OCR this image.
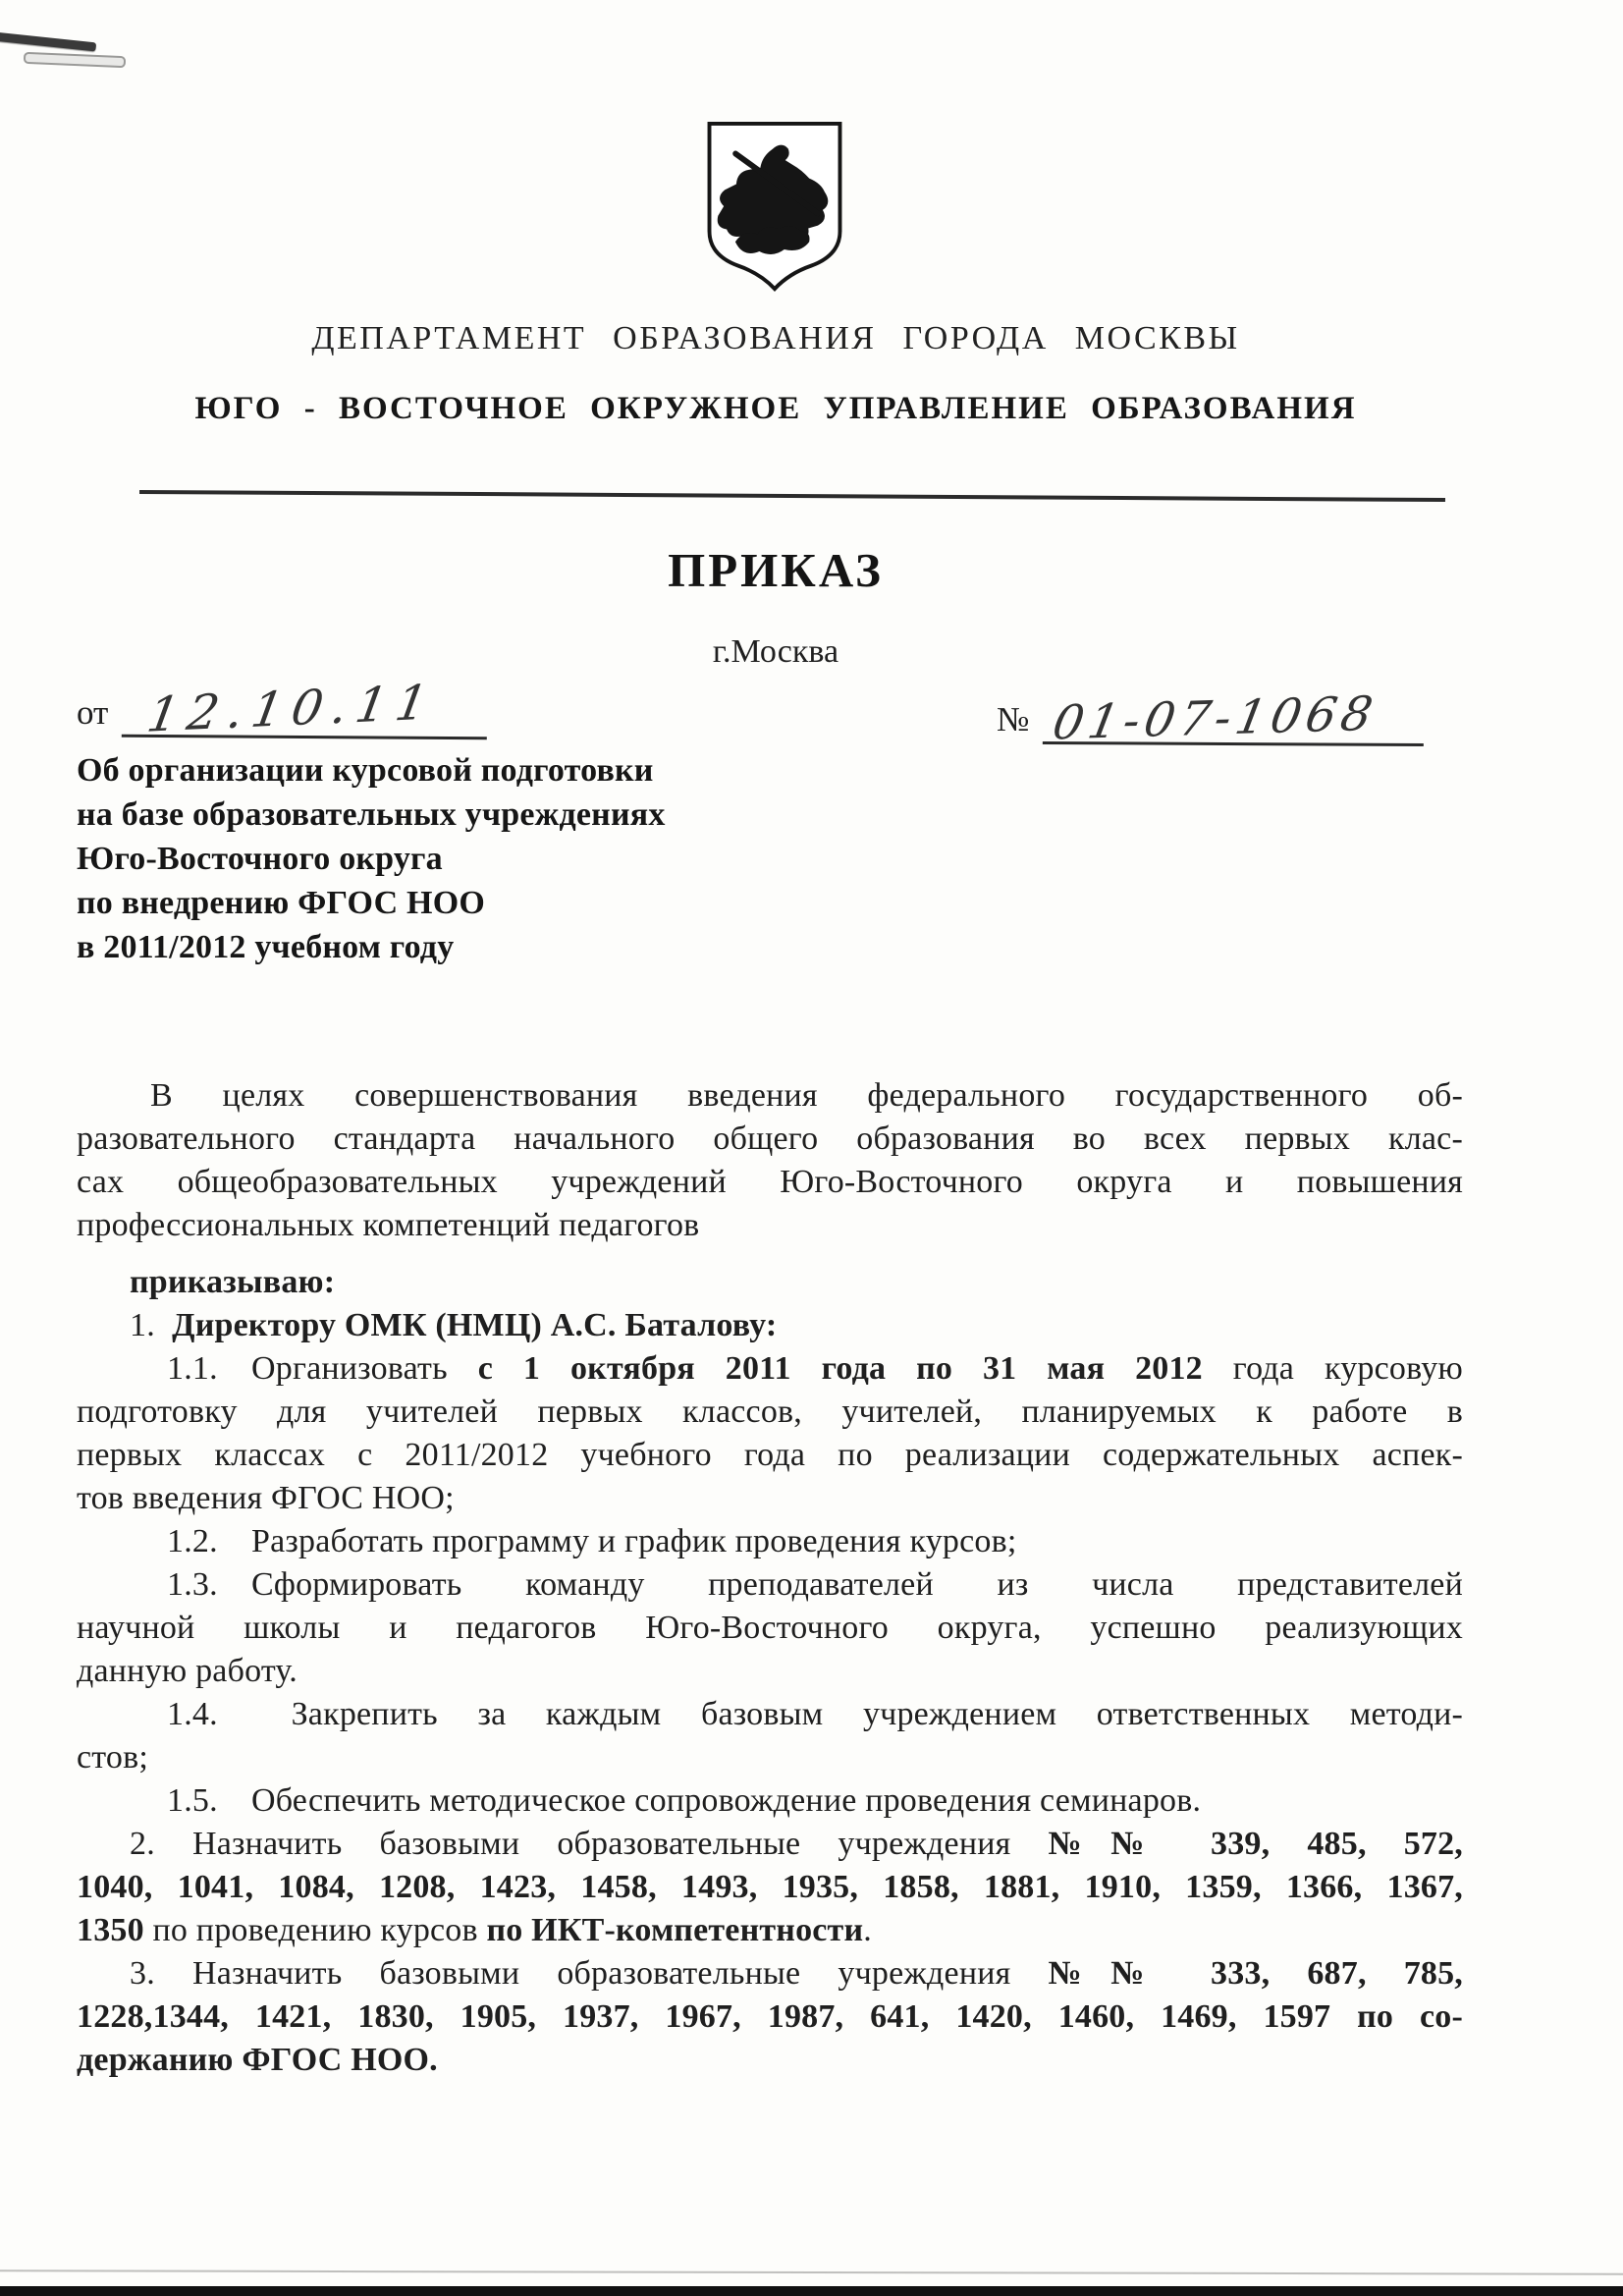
ДЕПАРТАМЕНТ ОБРАЗОВАНИЯ ГОРОДА МОСКВЫ
ЮГО - ВОСТОЧНОЕ ОКРУЖНОЕ УПРАВЛЕНИЕ ОБРАЗОВАНИЯ
ПРИКАЗ
г.Москва
от 12.10.11	№ 01-07-1068
Об организации курсовой подготовки
на базе образовательных учреждениях
Юго-Восточного округа
по внедрению ФГОС НОО
в 2011/2012 учебном году
В целях совершенствования введения федерального государственного об-
разовательного стандарта начального общего образования во всех первых клас-
сах общеобразовательных учреждений Юго-Восточного округа и повышения
профессиональных компетенций педагогов
приказываю:
1. Директору ОМК (НМЦ) А.С. Баталову:
1.1. Организовать с 1 октября 2011 года по 31 мая 2012 года курсовую
подготовку для учителей первых классов, учителей, планируемых к работе в
первых классах с 2011/2012 учебного года по реализации содержательных аспек-
тов введения ФГОС НОО;
1.2. Разработать программу и график проведения курсов;
1.3. Сформировать команду преподавателей из числа представителей
научной школы и педагогов Юго-Восточного округа, успешно реализующих
данную работу.
1.4.  Закрепить за каждым базовым учреждением ответственных методи-
стов;
1.5. Обеспечить методическое сопровождение проведения семинаров.
2. Назначить базовыми образовательные учреждения №№ 339, 485, 572,
1040, 1041, 1084, 1208, 1423, 1458, 1493, 1935, 1858, 1881, 1910, 1359, 1366, 1367,
1350 по проведению курсов по ИКТ-компетентности.
3. Назначить базовыми образовательные учреждения №№ 333, 687, 785,
1228,1344, 1421, 1830, 1905, 1937, 1967, 1987, 641, 1420, 1460, 1469, 1597 по со-
держанию ФГОС НОО.
